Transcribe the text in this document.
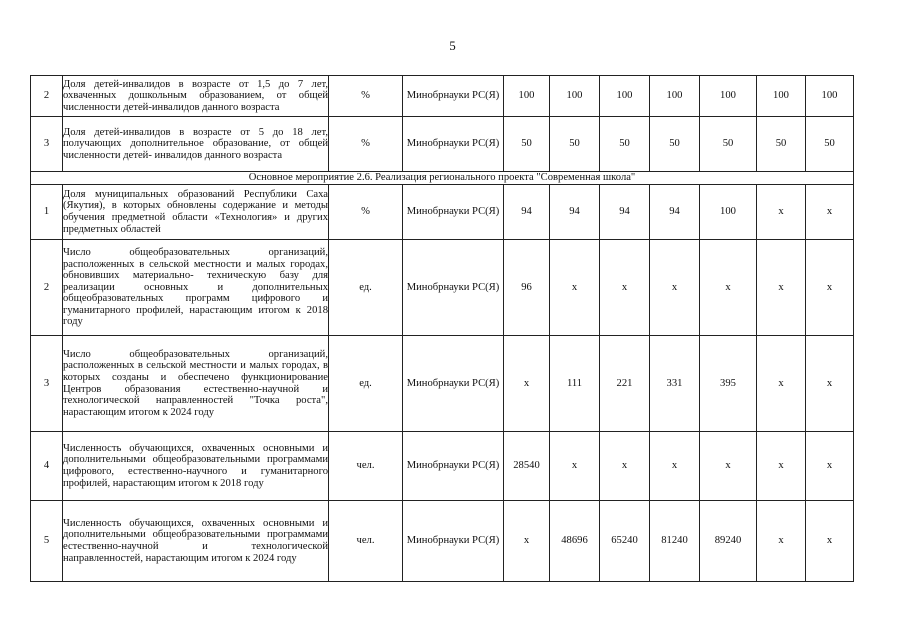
5
2	Доля детей-инвалидов в возрасте от 1,5 до 7 лет, охваченных дошкольным образованием, от общей численности детей-инвалидов данного возраста	%	Минобрнауки РС(Я)	100	100	100	100	100	100	100
3	Доля детей-инвалидов в возрасте от 5 до 18 лет, получающих дополнительное образование, от общей численности детей- инвалидов данного возраста	%	Минобрнауки РС(Я)	50	50	50	50	50	50	50
Основное мероприятие 2.6. Реализация регионального проекта "Современная школа"										
1	Доля муниципальных образований Республики Саха (Якутия), в которых обновлены содержание и методы обучения предметной области «Технология» и других предметных областей	%	Минобрнауки РС(Я)	94	94	94	94	100	х	х
2	Число общеобразовательных организаций, расположенных в сельской местности и малых городах, обновивших материально- техническую базу для реализации основных и дополнительных общеобразовательных программ цифрового и гуманитарного профилей, нарастающим итогом к 2018 году	ед.	Минобрнауки РС(Я)	96	х	х	х	х	х	х
3	Число общеобразовательных организаций, расположенных в сельской местности и малых городах, в которых созданы и обеспечено функционирование Центров образования естественно-научной и технологической направленностей "Точка роста", нарастающим итогом к 2024 году	ед.	Минобрнауки РС(Я)	х	111	221	331	395	х	х
4	Численность обучающихся, охваченных основными и дополнительными общеобразовательными программами цифрового, естественно-научного и гуманитарного профилей, нарастающим итогом к 2018 году	чел.	Минобрнауки РС(Я)	28540	х	х	х	х	х	х
5	Численность обучающихся, охваченных основными и дополнительными общеобразовательными программами естественно-научной и технологической направленностей, нарастающим итогом к 2024 году	чел.	Минобрнауки РС(Я)	х	48696	65240	81240	89240	х	х
